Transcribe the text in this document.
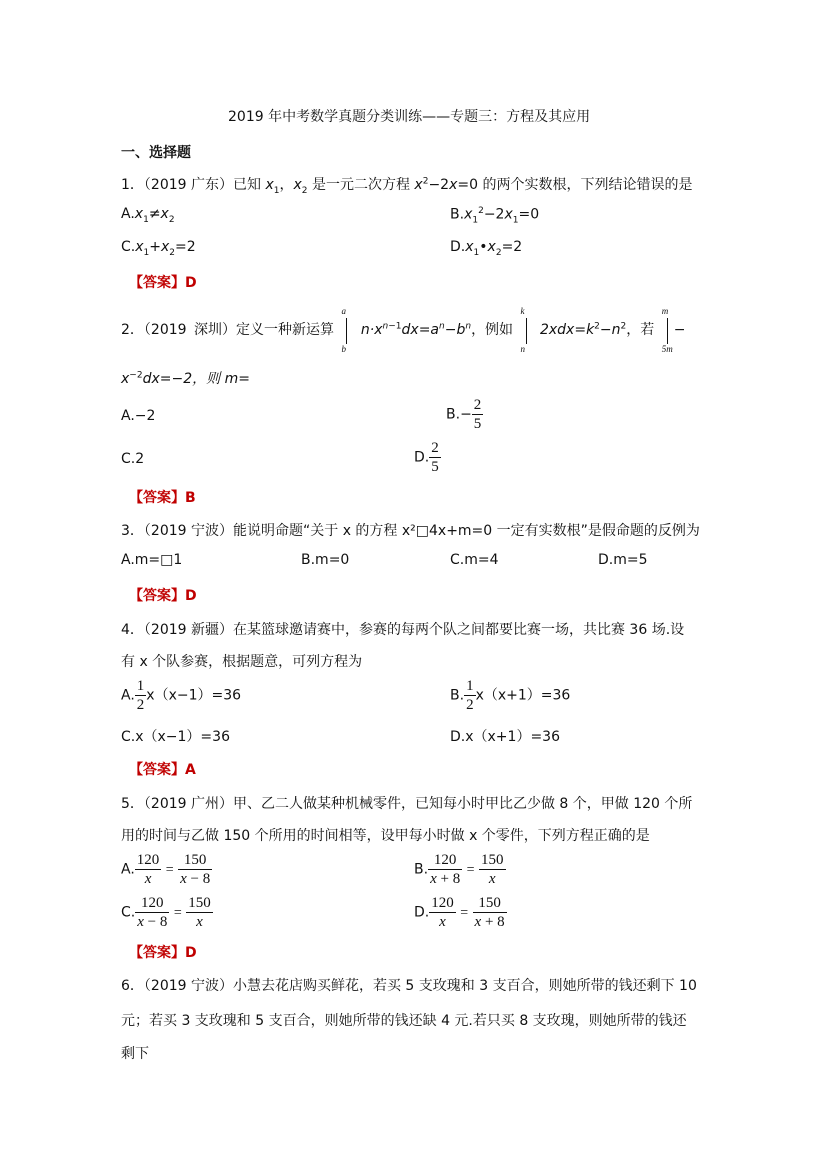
2019 年中考数学真题分类训练——专题三：方程及其应用
一、选择题
1．（2019 广东）已知 $x_1$，$x_2$ 是一元二次方程 $x^2-2x=0$ 的两个实数根，下列结论错误的是
$A.x_1\ne x_2$	$B.x_1^2-2x_1=0$
$C.x_1+x_2=2$	$D.x_1•x_2=2$
【答案】D
2．（2019 深圳）定义一种新运算
a
b
$n\cdot x^{n-1}dx=a^n-b^n$，例如
k
n
$2xdx=k^2-n^2$，若
m
5m
−
$x^{-2}dx=-2$，则 m=
A.−2	$B.- \frac{2}{5}$
C.2	D. $\frac{2}{5}$
【答案】B
3．（2019 宁波）能说明命题“关于 x 的方程 x²□4x+m=0 一定有实数根”是假命题的反例为
A.m=□1	B.m=0	C.m=4	D.m=5
【答案】D
4．（2019 新疆）在某篮球邀请赛中，参赛的每两个队之间都要比赛一场，共比赛 36 场.设
有 x 个队参赛，根据题意，可列方程为
A. $\frac{1}{2} x(x-1)=36$	B. $\frac{1}{2} x(x+1)=36$
C.x（x−1）=36	D.x（x+1）=36
【答案】A
5．（2019 广州）甲、乙二人做某种机械零件，已知每小时甲比乙少做 8 个，甲做 120 个所
用的时间与乙做 150 个所用的时间相等，设甲每小时做 x 个零件，下列方程正确的是
A. $\frac{120}{x} = \frac{150}{x - 8}$	B. $\frac{120}{x + 8} = \frac{150}{x}$
C. $\frac{120}{x - 8} = \frac{150}{x}$	D. $\frac{120}{x} = \frac{150}{x + 8}$
【答案】D
6．（2019 宁波）小慧去花店购买鲜花，若买 5 支玫瑰和 3 支百合，则她所带的钱还剩下 10
元；若买 3 支玫瑰和 5 支百合，则她所带的钱还缺 4 元.若只买 8 支玫瑰，则她所带的钱还
剩下
